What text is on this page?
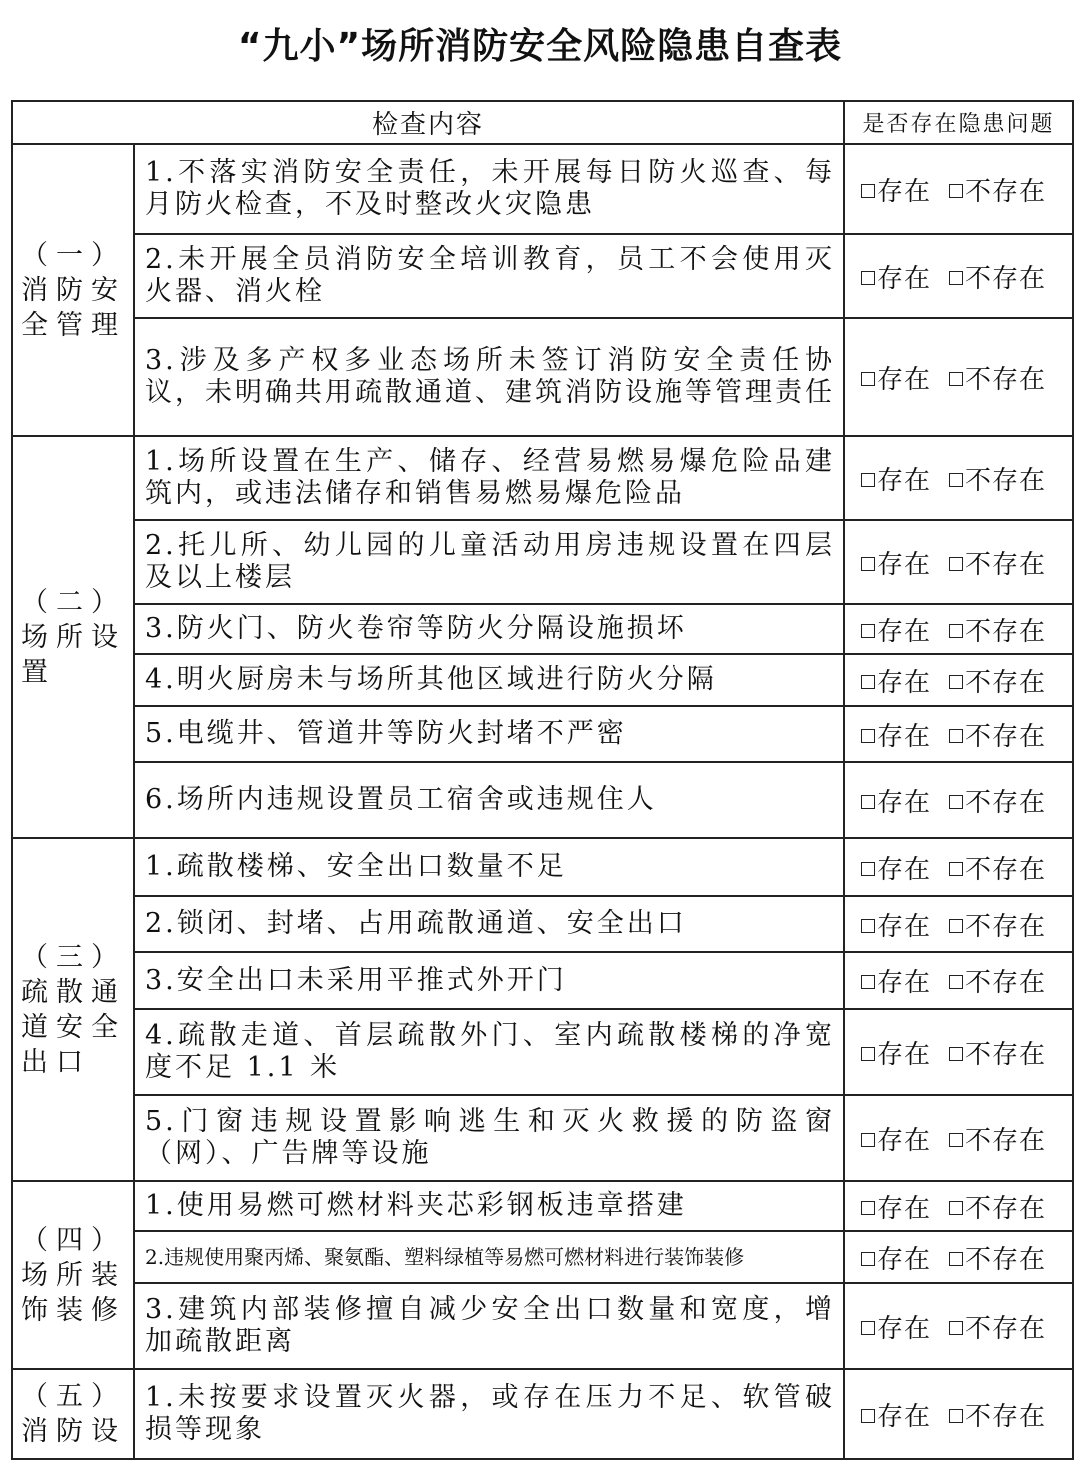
“九小”场所消防安全风险隐患自查表
检查内容		是否存在隐患问题

（一）
消防安全管理	1.不落实消防安全责任，未开展每日防火巡查、每月防火检查，不及时整改火灾隐患	存在 不存在
	2.未开展全员消防安全培训教育，员工不会使用灭火器、消火栓	存在 不存在
	3.涉及多产权多业态场所未签订消防安全责任协议，未明确共用疏散通道、建筑消防设施等管理责任	存在 不存在

（二）
场所设置	1.场所设置在生产、储存、经营易燃易爆危险品建筑内，或违法储存和销售易燃易爆危险品	存在 不存在
	2.托儿所、幼儿园的儿童活动用房违规设置在四层及以上楼层	存在 不存在
	3.防火门、防火卷帘等防火分隔设施损坏	存在 不存在
	4.明火厨房未与场所其他区域进行防火分隔	存在 不存在
	5.电缆井、管道井等防火封堵不严密	存在 不存在
	6.场所内违规设置员工宿舍或违规住人	存在 不存在

（三）
疏散通道安全出口	1.疏散楼梯、安全出口数量不足	存在 不存在
	2.锁闭、封堵、占用疏散通道、安全出口	存在 不存在
	3.安全出口未采用平推式外开门	存在 不存在
	4.疏散走道、首层疏散外门、室内疏散楼梯的净宽度不足 1.1 米	存在 不存在
	5.门窗违规设置影响逃生和灭火救援的防盗窗（网）、广告牌等设施	存在 不存在

（四）
场所装饰装修	1.使用易燃可燃材料夹芯彩钢板违章搭建	存在 不存在
	2.违规使用聚丙烯、聚氨酯、塑料绿植等易燃可燃材料进行装饰装修	存在 不存在
	3.建筑内部装修擅自减少安全出口数量和宽度，增加疏散距离	存在 不存在

（五）
消防设	1.未按要求设置灭火器，或存在压力不足、软管破损等现象	存在 不存在
